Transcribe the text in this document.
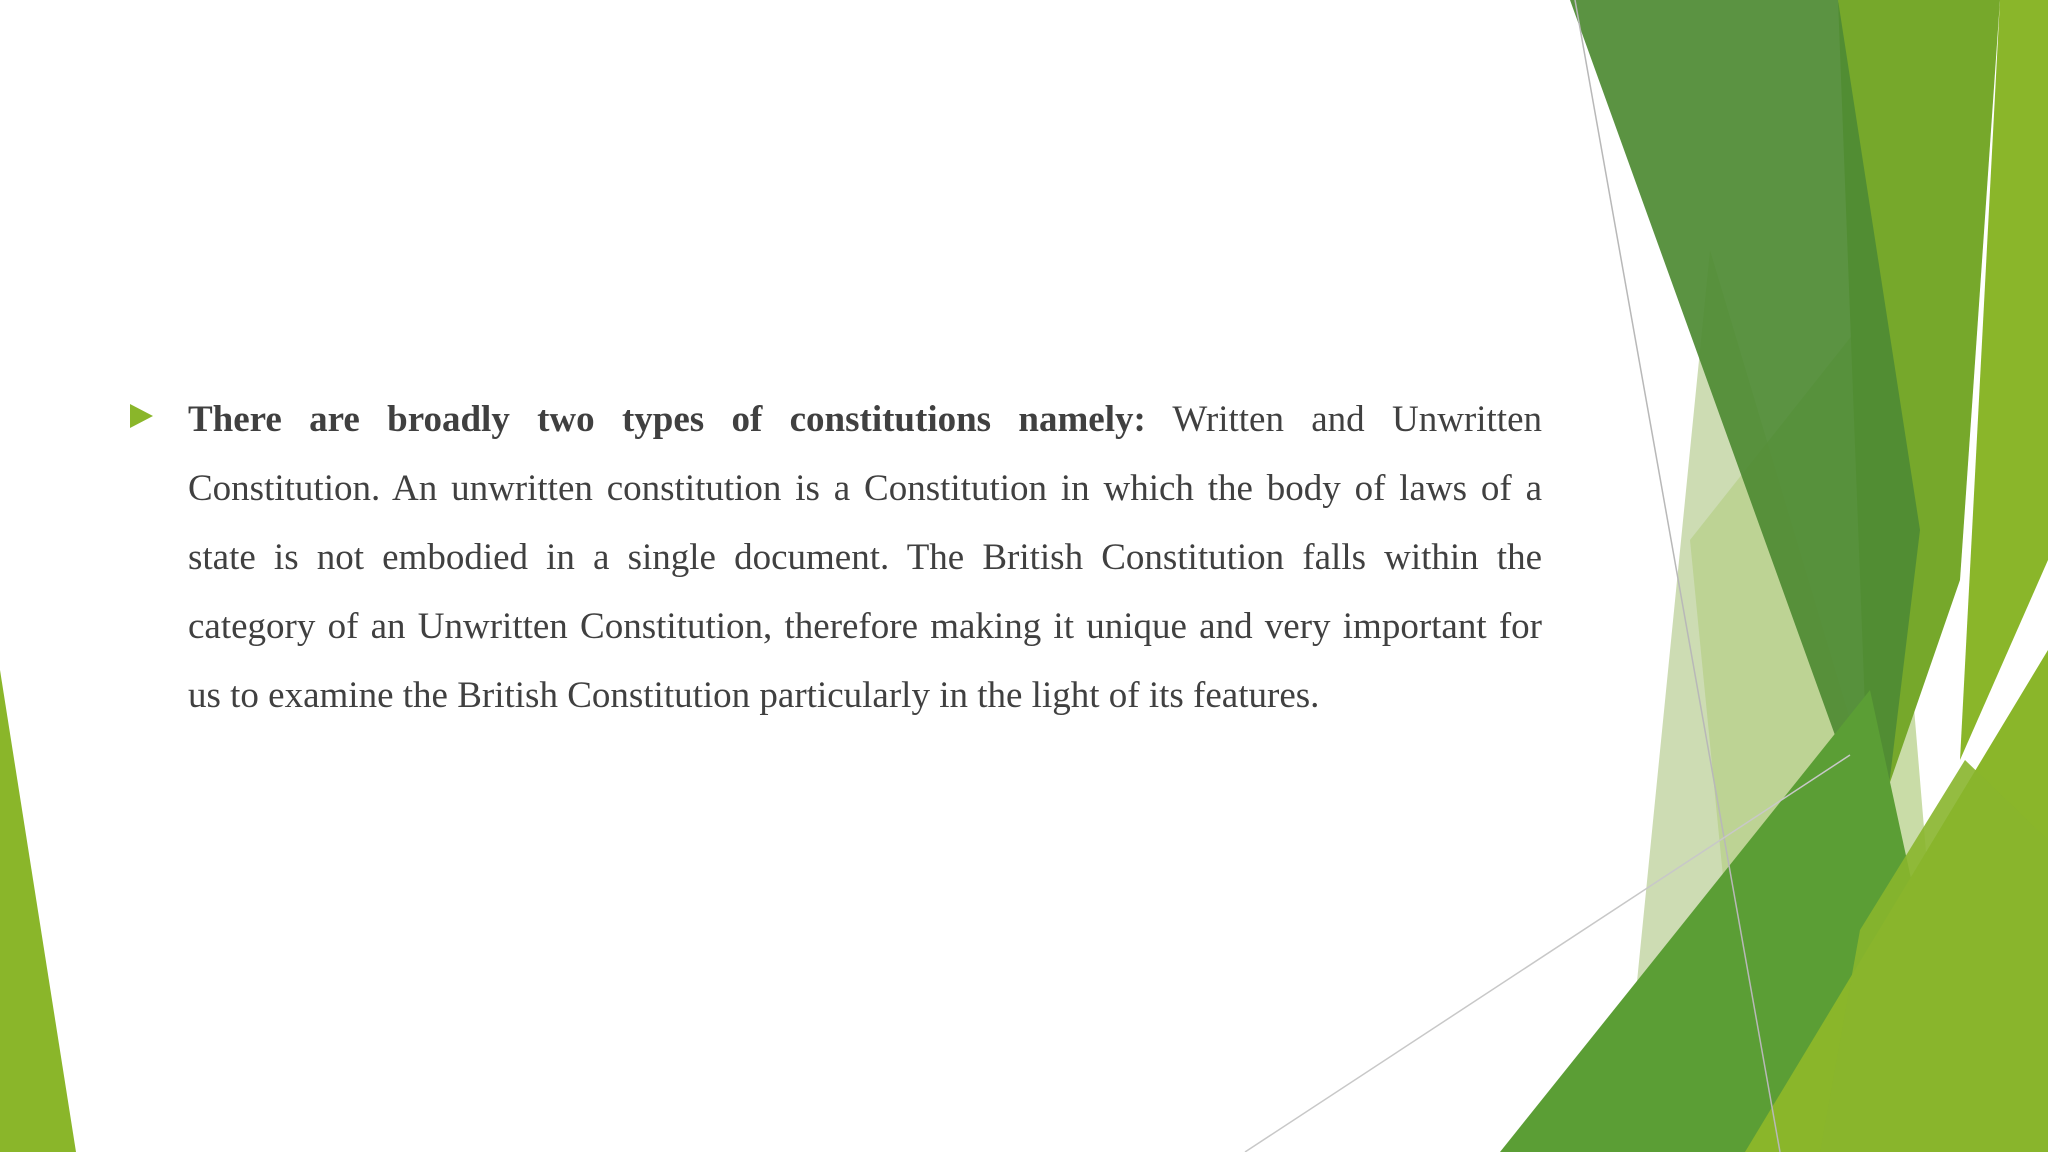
There are broadly two types of constitutions namely: Written and Unwritten Constitution. An unwritten constitution is a Constitution in which the body of laws of a state is not embodied in a single document. The British Constitution falls within the category of an Unwritten Constitution, therefore making it unique and very important for us to examine the British Constitution particularly in the light of its features.
